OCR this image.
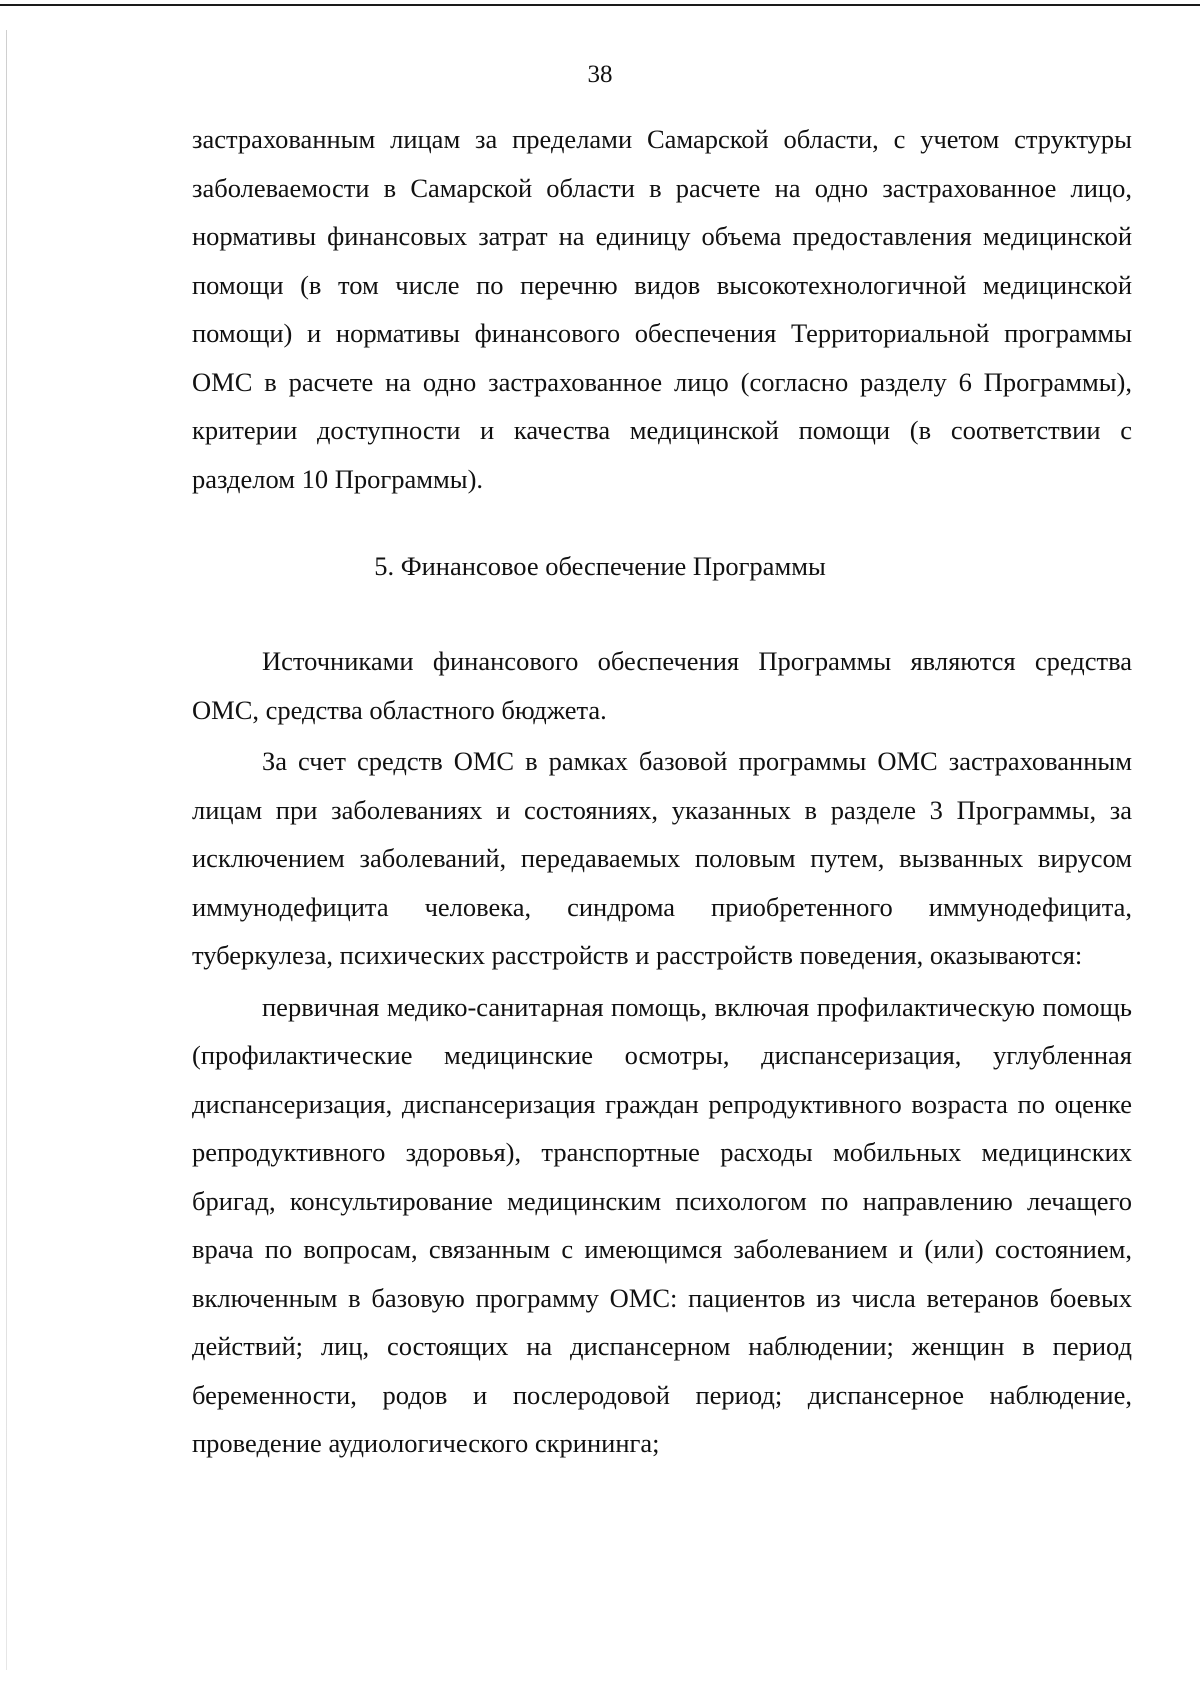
38

застрахованным лицам за пределами Самарской области, с учетом структуры заболеваемости в Самарской области в расчете на одно застрахованное лицо, нормативы финансовых затрат на единицу объема предоставления медицинской помощи (в том числе по перечню видов высокотехнологичной медицинской помощи) и нормативы финансового обеспечения Территориальной программы ОМС в расчете на одно застрахованное лицо (согласно разделу 6 Программы), критерии доступности и качества медицинской помощи (в соответствии с разделом 10 Программы).

5. Финансовое обеспечение Программы

Источниками финансового обеспечения Программы являются средства ОМС, средства областного бюджета.

За счет средств ОМС в рамках базовой программы ОМС застрахованным лицам при заболеваниях и состояниях, указанных в разделе 3 Программы, за исключением заболеваний, передаваемых половым путем, вызванных вирусом иммунодефицита человека, синдрома приобретенного иммунодефицита, туберкулеза, психических расстройств и расстройств поведения, оказываются:

первичная медико-санитарная помощь, включая профилактическую помощь (профилактические медицинские осмотры, диспансеризация, углубленная диспансеризация, диспансеризация граждан репродуктивного возраста по оценке репродуктивного здоровья), транспортные расходы мобильных медицинских бригад, консультирование медицинским психологом по направлению лечащего врача по вопросам, связанным с имеющимся заболеванием и (или) состоянием, включенным в базовую программу ОМС: пациентов из числа ветеранов боевых действий; лиц, состоящих на диспансерном наблюдении; женщин в период беременности, родов и послеродовой период; диспансерное наблюдение, проведение аудиологического скрининга;
